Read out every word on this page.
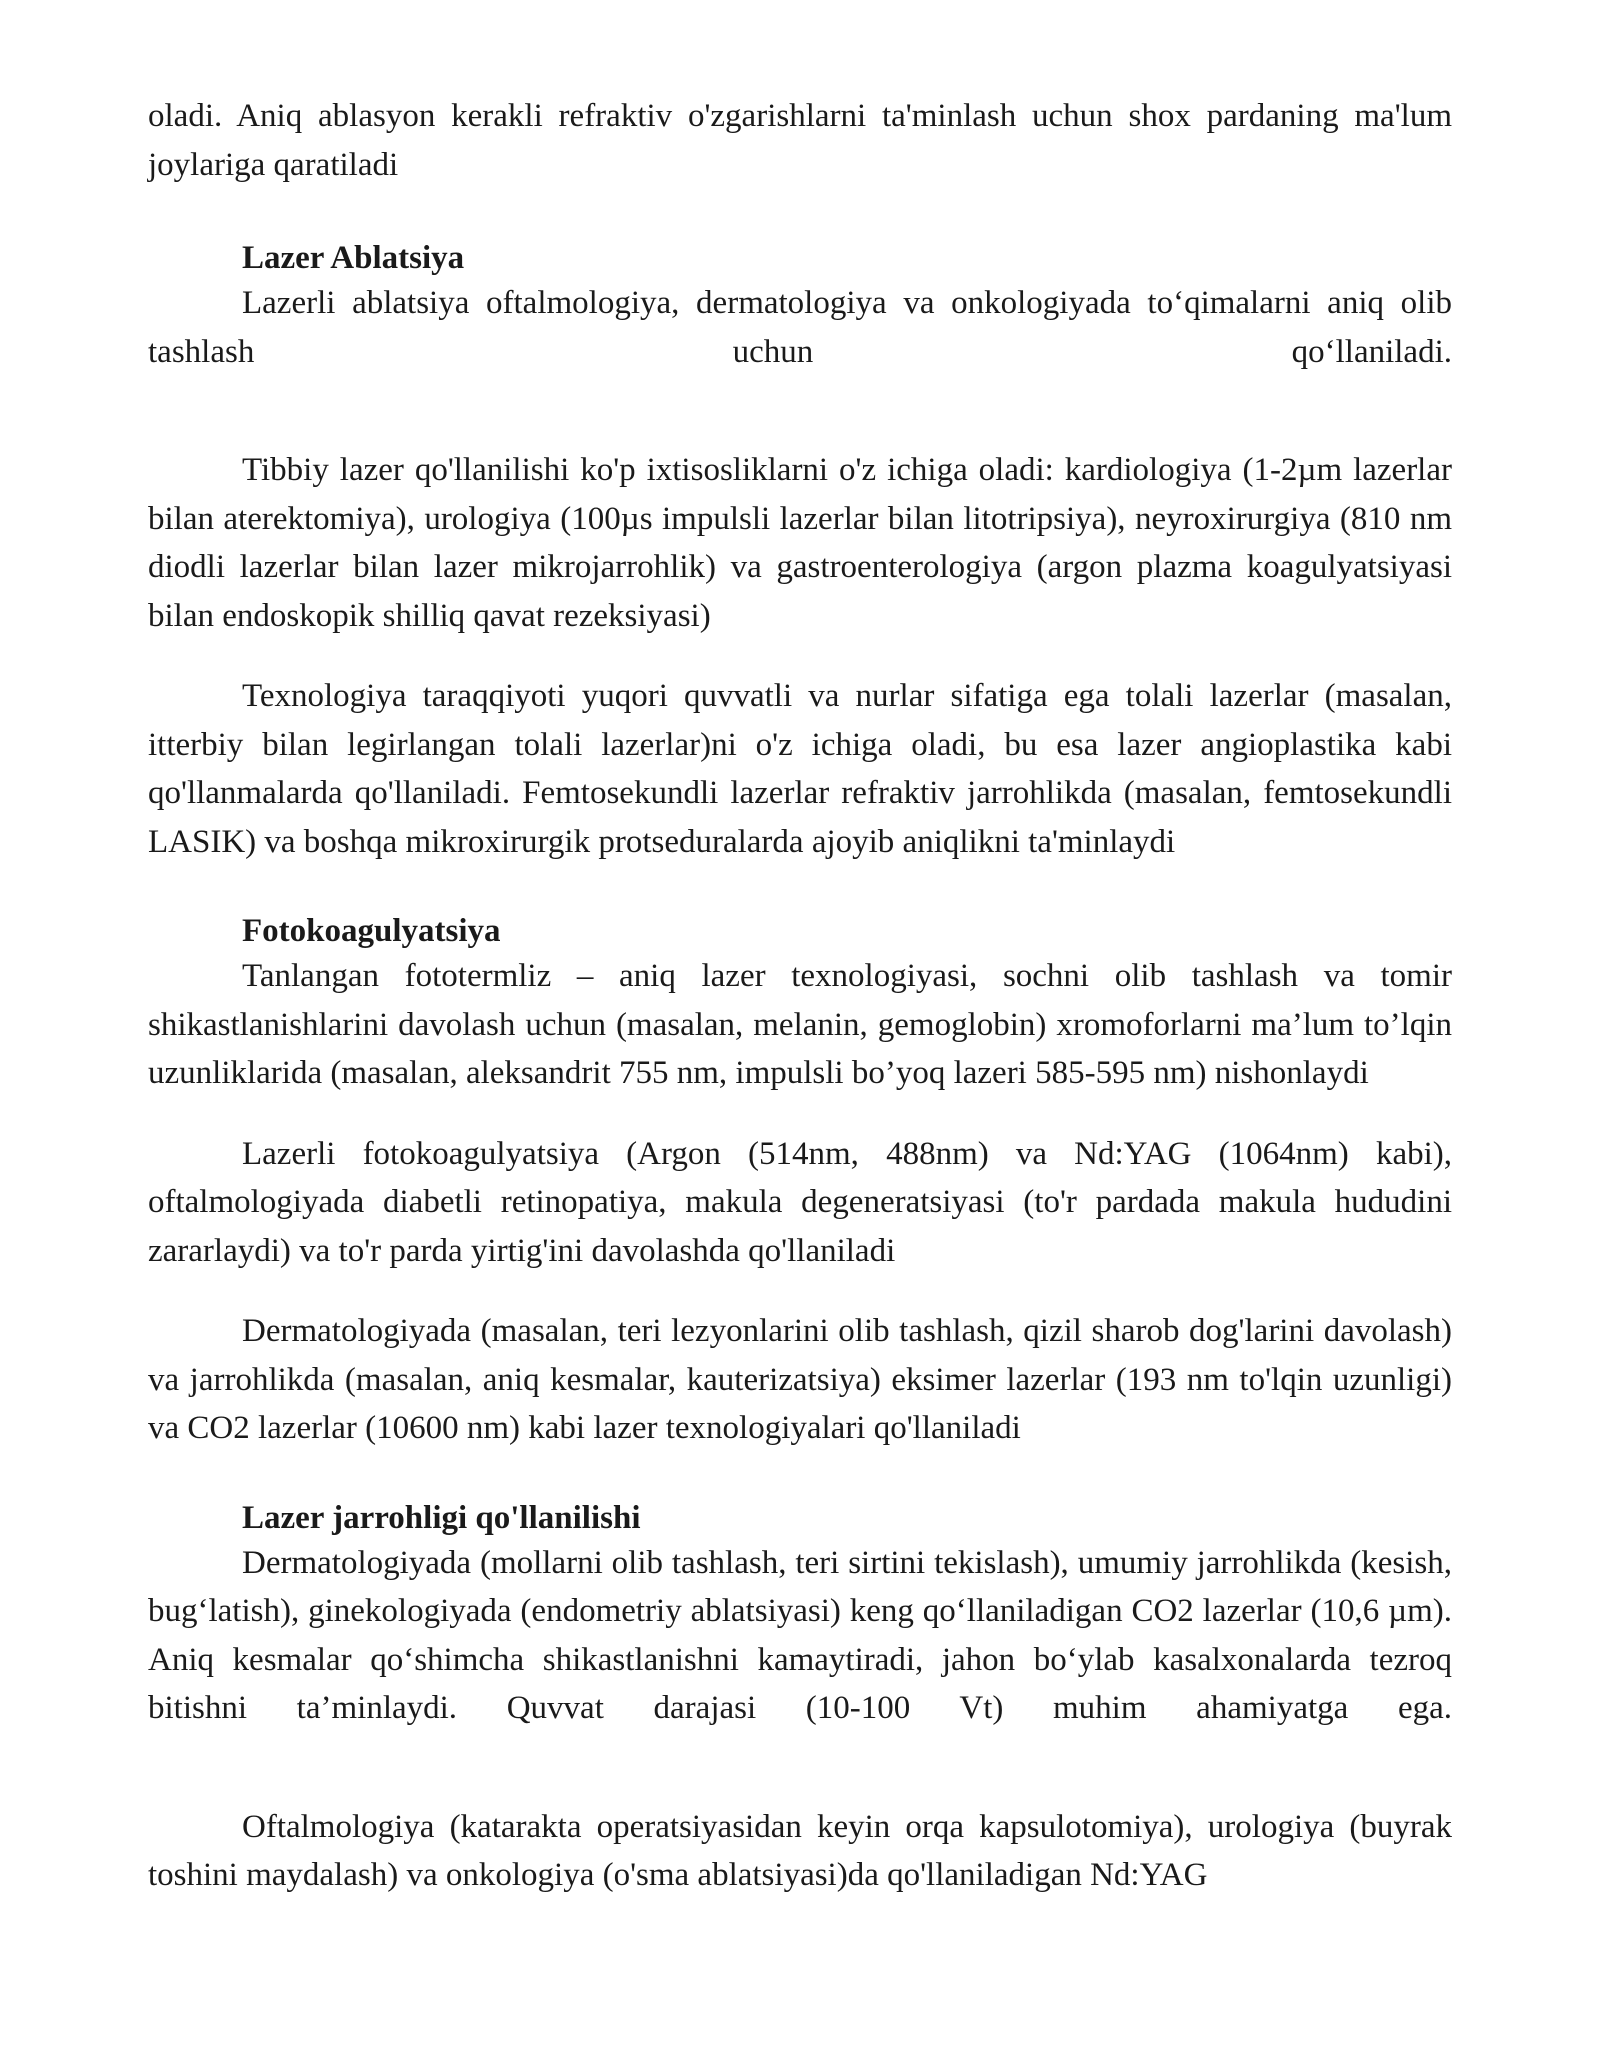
oladi. Aniq ablasyon kerakli refraktiv o'zgarishlarni ta'minlash uchun shox pardaning ma'lum joylariga qaratiladi

Lazer Ablatsiya

Lazerli ablatsiya oftalmologiya, dermatologiya va onkologiyada to‘qimalarni aniq olib tashlash uchun qo‘llaniladi.

Tibbiy lazer qo'llanilishi ko'p ixtisosliklarni o'z ichiga oladi: kardiologiya (1-2µm lazerlar bilan aterektomiya), urologiya (100µs impulsli lazerlar bilan litotripsiya), neyroxirurgiya (810 nm diodli lazerlar bilan lazer mikrojarrohlik) va gastroenterologiya (argon plazma koagulyatsiyasi bilan endoskopik shilliq qavat rezeksiyasi)

Texnologiya taraqqiyoti yuqori quvvatli va nurlar sifatiga ega tolali lazerlar (masalan, itterbiy bilan legirlangan tolali lazerlar)ni o'z ichiga oladi, bu esa lazer angioplastika kabi qo'llanmalarda qo'llaniladi. Femtosekundli lazerlar refraktiv jarrohlikda (masalan, femtosekundli LASIK) va boshqa mikroxirurgik protseduralarda ajoyib aniqlikni ta'minlaydi

Fotokoagulyatsiya

Tanlangan fototermliz – aniq lazer texnologiyasi, sochni olib tashlash va tomir shikastlanishlarini davolash uchun (masalan, melanin, gemoglobin) xromoforlarni ma’lum to’lqin uzunliklarida (masalan, aleksandrit 755 nm, impulsli bo’yoq lazeri 585-595 nm) nishonlaydi

Lazerli fotokoagulyatsiya (Argon (514nm, 488nm) va Nd:YAG (1064nm) kabi), oftalmologiyada diabetli retinopatiya, makula degeneratsiyasi (to'r pardada makula hududini zararlaydi) va to'r parda yirtig'ini davolashda qo'llaniladi

Dermatologiyada (masalan, teri lezyonlarini olib tashlash, qizil sharob dog'larini davolash) va jarrohlikda (masalan, aniq kesmalar, kauterizatsiya) eksimer lazerlar (193 nm to'lqin uzunligi) va CO2 lazerlar (10600 nm) kabi lazer texnologiyalari qo'llaniladi

Lazer jarrohligi qo'llanilishi

Dermatologiyada (mollarni olib tashlash, teri sirtini tekislash), umumiy jarrohlikda (kesish, bug‘latish), ginekologiyada (endometriy ablatsiyasi) keng qo‘llaniladigan CO2 lazerlar (10,6 µm). Aniq kesmalar qo‘shimcha shikastlanishni kamaytiradi, jahon bo‘ylab kasalxonalarda tezroq bitishni ta’minlaydi. Quvvat darajasi (10-100 Vt) muhim ahamiyatga ega.

Oftalmologiya (katarakta operatsiyasidan keyin orqa kapsulotomiya), urologiya (buyrak toshini maydalash) va onkologiya (o'sma ablatsiyasi)da qo'llaniladigan Nd:YAG
